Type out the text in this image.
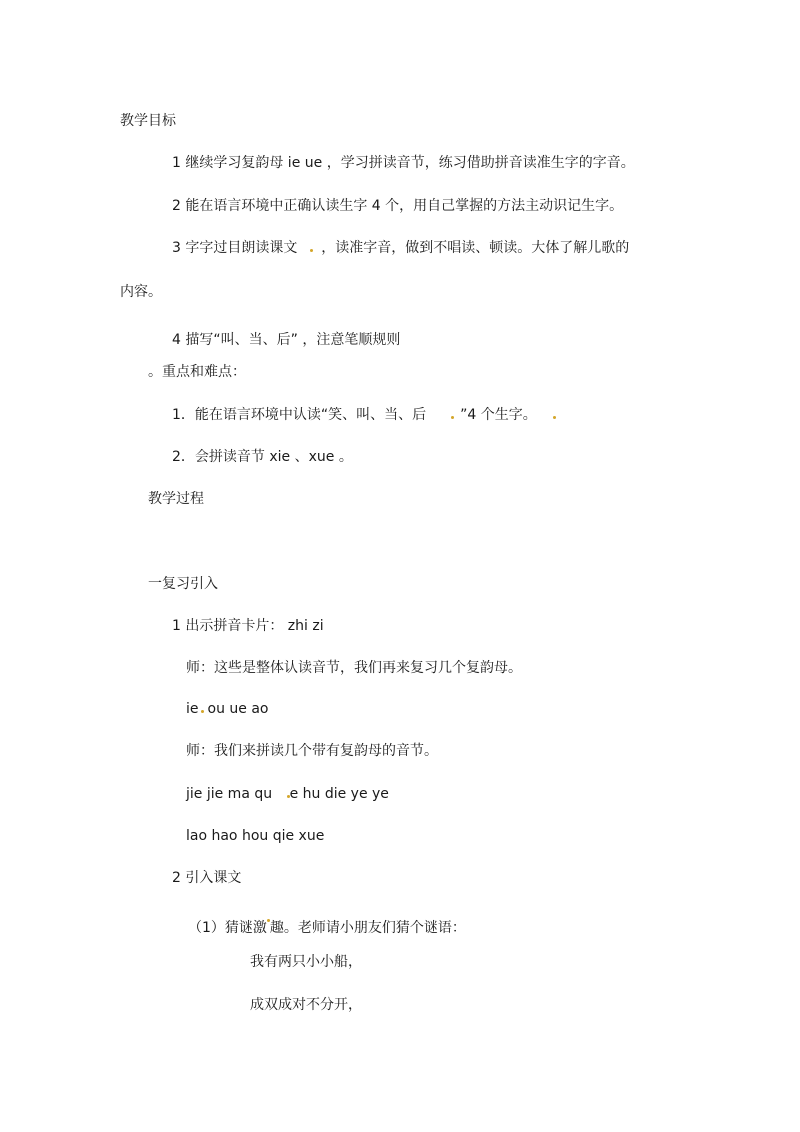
教学目标
1 继续学习复韵母 ie ue ，学习拼读音节，练习借助拼音读准生字的字音。
2 能在语言环境中正确认读生字 4 个，用自己掌握的方法主动识记生字。
3 字字过目朗读课文 ，读准字音，做到不唱读、顿读。大体了解儿歌的
内容。
4 描写“叫、当、后” ，注意笔顺规则
。重点和难点：
1．能在语言环境中认读“笑、叫、当、后 ”4 个生字。
2．会拼读音节 xie 、xue 。
教学过程
一复习引入
1 出示拼音卡片： zhi zi
师：这些是整体认读音节，我们再来复习几个复韵母。
ie ou ue ao
师：我们来拼读几个带有复韵母的音节。
jie jie ma qu e hu die ye ye
lao hao hou qie xue
2 引入课文
（1）猜谜激 趣。老师请小朋友们猜个谜语：
我有两只小小船，
成双成对不分开，
